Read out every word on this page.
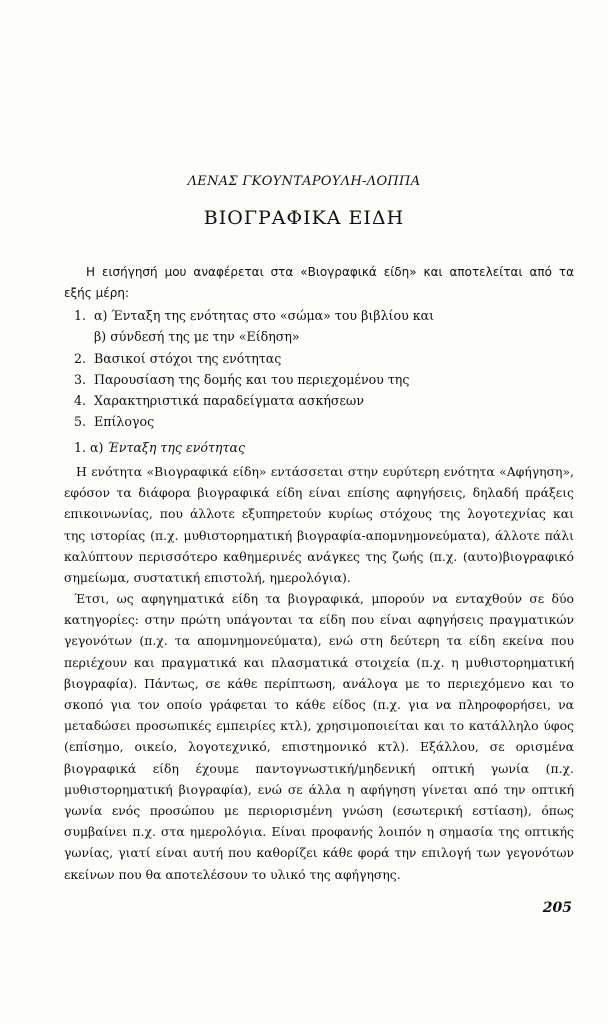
ΛΕΝΑΣ ΓΚΟΥΝΤΑΡΟΥΛΗ-ΛΟΠΠΑ
ΒΙΟΓΡΑΦΙΚΑ ΕΙΔΗ
Η εισήγησή μου αναφέρεται στα «Βιογραφικά είδη» και αποτελείται από τα εξής μέρη:
1. α) Ένταξη της ενότητας στο «σώμα» του βιβλίου και
β) σύνδεσή της με την «Είδηση»
2. Βασικοί στόχοι της ενότητας
3. Παρουσίαση της δομής και του περιεχομένου της
4. Χαρακτηριστικά παραδείγματα ασκήσεων
5. Επίλογος
1. α) Ένταξη της ενότητας
Η ενότητα «Βιογραφικά είδη» εντάσσεται στην ευρύτερη ενότητα «Αφήγηση», εφόσον τα διάφορα βιογραφικά είδη είναι επίσης αφηγήσεις, δηλαδή πράξεις επικοινωνίας, που άλλοτε εξυπηρετούν κυρίως στόχους της λογοτεχνίας και της ιστορίας (π.χ. μυθιστορηματική βιογραφία-απομνημονεύματα), άλλοτε πάλι καλύπτουν περισσότερο καθημερινές ανάγκες της ζωής (π.χ. (αυτο)βιογραφικό σημείωμα, συστατική επιστολή, ημερολόγια).
Έτσι, ως αφηγηματικά είδη τα βιογραφικά, μπορούν να ενταχθούν σε δύο κατηγορίες: στην πρώτη υπάγονται τα είδη που είναι αφηγήσεις πραγματικών γεγονότων (π.χ. τα απομνημονεύματα), ενώ στη δεύτερη τα είδη εκείνα που περιέχουν και πραγματικά και πλασματικά στοιχεία (π.χ. η μυθιστορηματική βιογραφία). Πάντως, σε κάθε περίπτωση, ανάλογα με το περιεχόμενο και το σκοπό για τον οποίο γράφεται το κάθε είδος (π.χ. για να πληροφορήσει, να μεταδώσει προσωπικές εμπειρίες κτλ), χρησιμοποιείται και το κατάλληλο ύφος (επίσημο, οικείο, λογοτεχνικό, επιστημονικό κτλ). Εξάλλου, σε ορισμένα βιογραφικά είδη έχουμε παντογνωστική/μηδενική οπτική γωνία (π.χ. μυθιστορηματική βιογραφία), ενώ σε άλλα η αφήγηση γίνεται από την οπτική γωνία ενός προσώπου με περιορισμένη γνώση (εσωτερική εστίαση), όπως συμβαίνει π.χ. στα ημερολόγια. Είναι προφανής λοιπόν η σημασία της οπτικής γωνίας, γιατί είναι αυτή που καθορίζει κάθε φορά την επιλογή των γεγονότων εκείνων που θα αποτελέσουν το υλικό της αφήγησης.
205
